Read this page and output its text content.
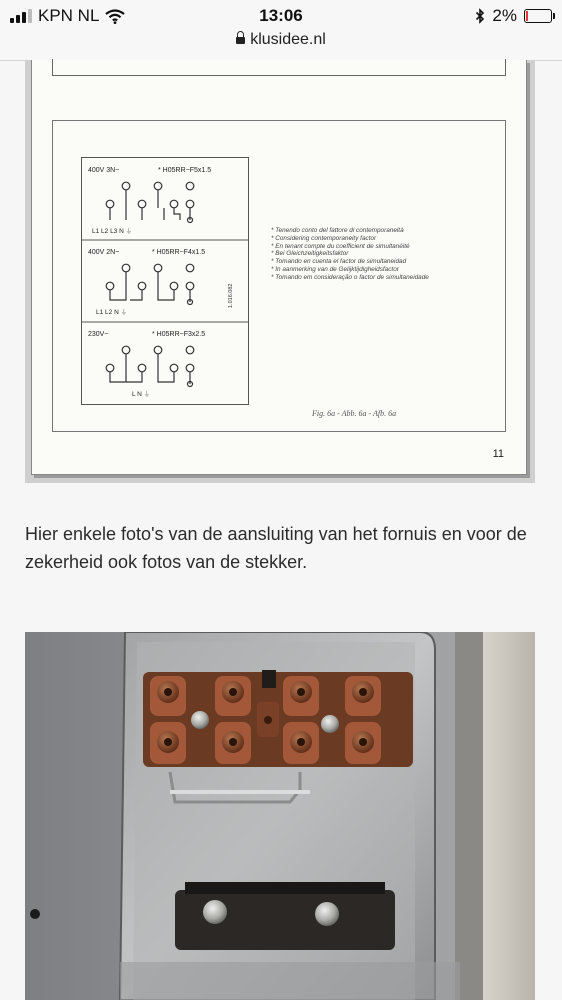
KPN NL	13:06	2%
klusidee.nl
400V 3N~	* H05RR−F5x1.5
L1 L2 L3 N ⏚
400V 2N~	* H05RR−F4x1.5
L1 L2 N ⏚
1.016.082
230V~	* H05RR−F3x2.5
L N ⏚
* Tenendo conto del fattore di contemporaneità
* Considering contemporaneity factor
* En tenant compte du coefficient de simultanéité
* Bei Gleichzeitigkeitsfaktor
* Tomando en cuenta el factor de simultaneidad
* In aanmerking van de Gelijktijdigheidsfactor
* Tomando em consideração o factor de simultaneidade
Fig. 6a - Abb. 6a - Afb. 6a
11

Hier enkele foto's van de aansluiting van het fornuis en voor de zekerheid ook fotos van de stekker.
